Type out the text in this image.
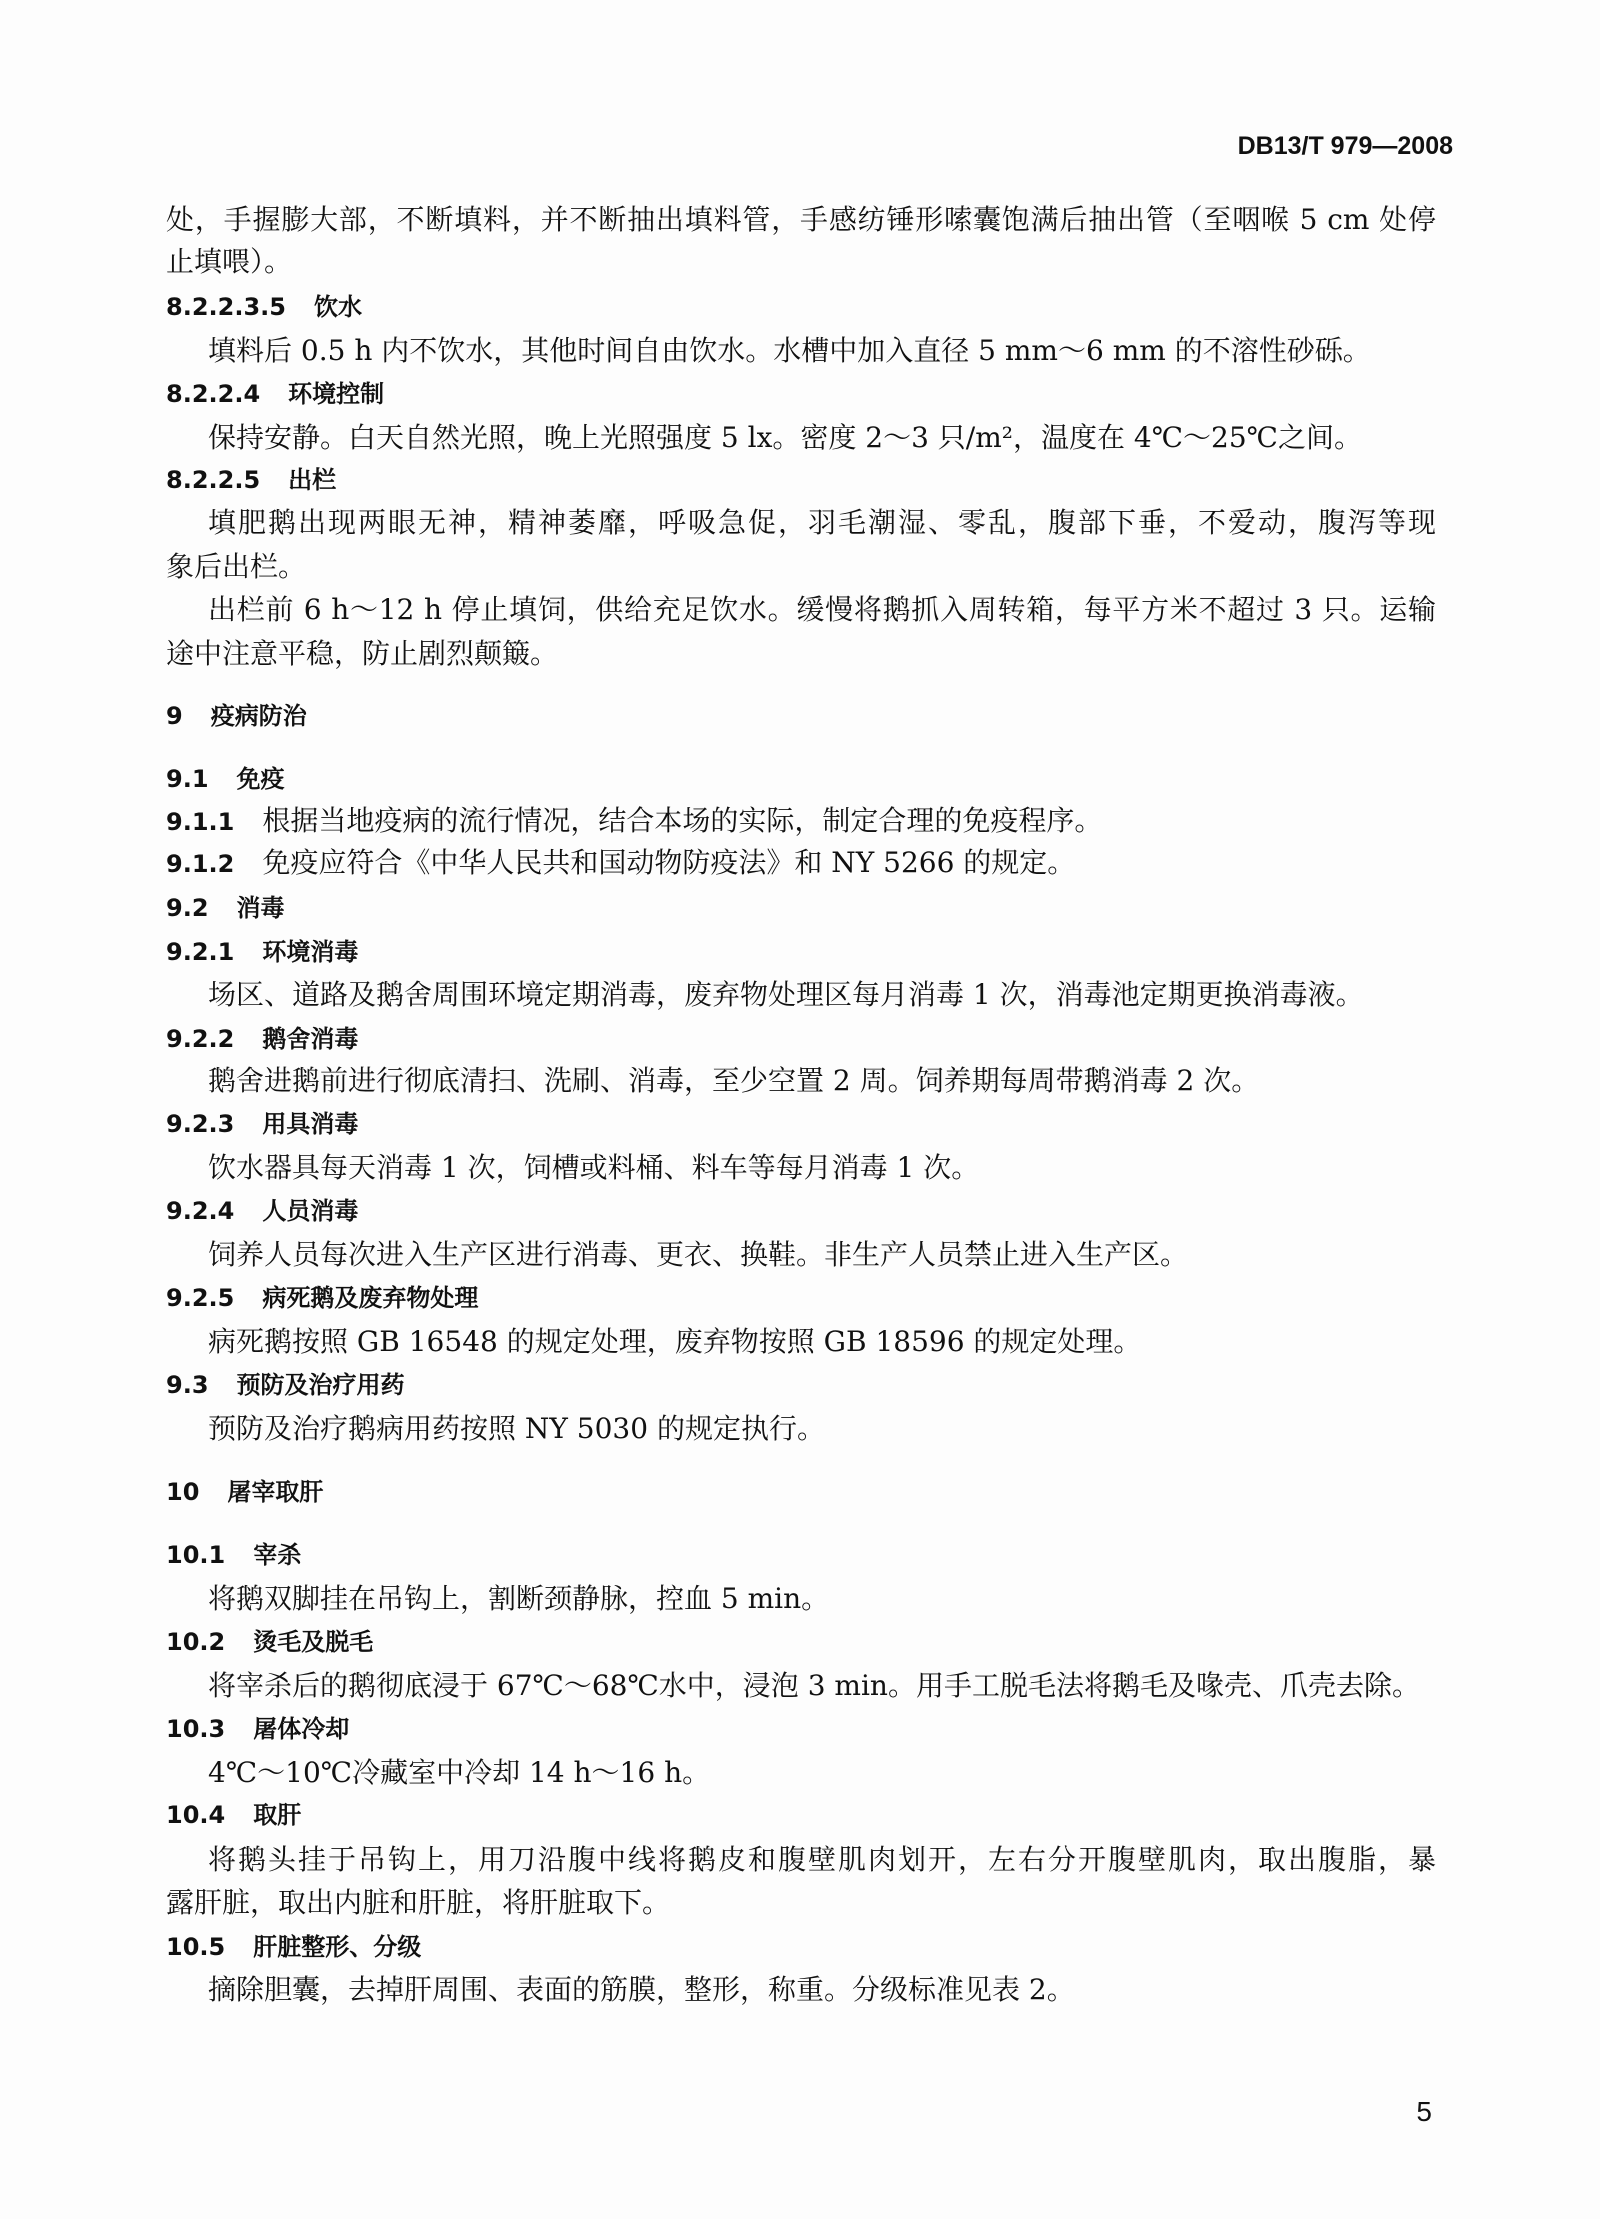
DB13/T 979—2008
处，手握膨大部，不断填料，并不断抽出填料管，手感纺锤形嗦囊饱满后抽出管（至咽喉 5 cm 处停
止填喂）。
8.2.2.3.5 饮水
填料后 0.5 h 内不饮水，其他时间自由饮水。水槽中加入直径 5 mm～6 mm 的不溶性砂砾。
8.2.2.4 环境控制
保持安静。白天自然光照，晚上光照强度 5 lx。密度 2～3 只/m²，温度在 4℃～25℃之间。
8.2.2.5 出栏
填肥鹅出现两眼无神，精神萎靡，呼吸急促，羽毛潮湿、零乱，腹部下垂，不爱动，腹泻等现
象后出栏。
出栏前 6 h～12 h 停止填饲，供给充足饮水。缓慢将鹅抓入周转箱，每平方米不超过 3 只。运输
途中注意平稳，防止剧烈颠簸。
9 疫病防治
9.1 免疫
9.1.1 根据当地疫病的流行情况，结合本场的实际，制定合理的免疫程序。
9.1.2 免疫应符合《中华人民共和国动物防疫法》和 NY 5266 的规定。
9.2 消毒
9.2.1 环境消毒
场区、道路及鹅舍周围环境定期消毒，废弃物处理区每月消毒 1 次，消毒池定期更换消毒液。
9.2.2 鹅舍消毒
鹅舍进鹅前进行彻底清扫、洗刷、消毒，至少空置 2 周。饲养期每周带鹅消毒 2 次。
9.2.3 用具消毒
饮水器具每天消毒 1 次，饲槽或料桶、料车等每月消毒 1 次。
9.2.4 人员消毒
饲养人员每次进入生产区进行消毒、更衣、换鞋。非生产人员禁止进入生产区。
9.2.5 病死鹅及废弃物处理
病死鹅按照 GB 16548 的规定处理，废弃物按照 GB 18596 的规定处理。
9.3 预防及治疗用药
预防及治疗鹅病用药按照 NY 5030 的规定执行。
10 屠宰取肝
10.1 宰杀
将鹅双脚挂在吊钩上，割断颈静脉，控血 5 min。
10.2 烫毛及脱毛
将宰杀后的鹅彻底浸于 67℃～68℃水中，浸泡 3 min。用手工脱毛法将鹅毛及喙壳、爪壳去除。
10.3 屠体冷却
4℃～10℃冷藏室中冷却 14 h～16 h。
10.4 取肝
将鹅头挂于吊钩上，用刀沿腹中线将鹅皮和腹壁肌肉划开，左右分开腹壁肌肉，取出腹脂，暴
露肝脏，取出内脏和肝脏，将肝脏取下。
10.5 肝脏整形、分级
摘除胆囊，去掉肝周围、表面的筋膜，整形，称重。分级标准见表 2。
5
